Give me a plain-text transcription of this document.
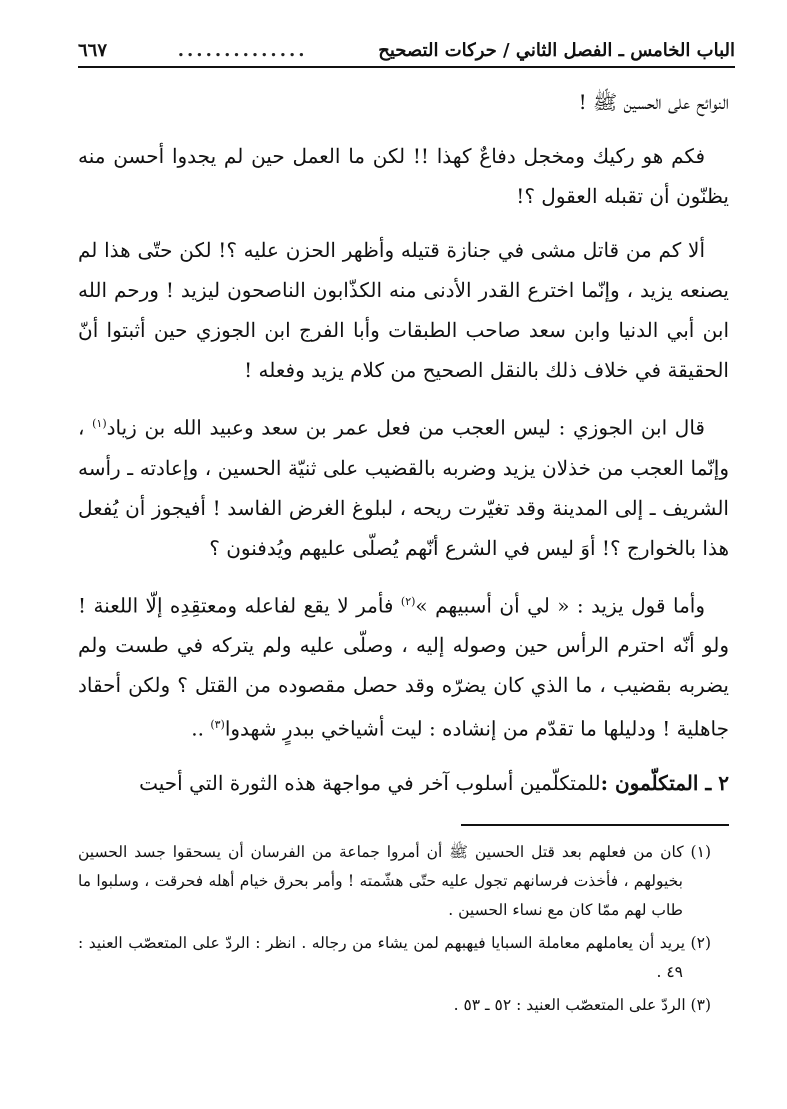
الباب الخامس ـ الفصل الثاني / حركات التصحيح
..............
٦٦٧

النوائح على الحسين ﷺ !

فكم هو ركيك ومخجل دفاعٌ كهذا !! لكن ما العمل حين لم يجدوا أحسن منه يظنّون أن تقبله العقول ؟!

ألا كم من قاتل مشى في جنازة قتيله وأظهر الحزن عليه ؟! لكن حتّى هذا لم يصنعه يزيد ، وإنّما اخترع القدر الأدنى منه الكذّابون الناصحون ليزيد ! ورحم الله ابن أبي الدنيا وابن سعد صاحب الطبقات وأبا الفرج ابن الجوزي حين أثبتوا أنّ الحقيقة في خلاف ذلك بالنقل الصحيح من كلام يزيد وفعله !

قال ابن الجوزي : ليس العجب من فعل عمر بن سعد وعبيد الله بن زياد$^{(١)}$ ، وإنّما العجب من خذلان يزيد وضربه بالقضيب على ثنيّة الحسين ، وإعادته ـ رأسه الشريف ـ إلى المدينة وقد تغيّرت ريحه ، لبلوغ الغرض الفاسد ! أفيجوز أن يُفعل هذا بالخوارج ؟! أوَ ليس في الشرع أنّهم يُصلّى عليهم ويُدفنون ؟

وأما قول يزيد : « لي أن أسبيهم »$^{(٢)}$ فأمر لا يقع لفاعله ومعتقِدِه إلّا اللعنة ! ولو أنّه احترم الرأس حين وصوله إليه ، وصلّى عليه ولم يتركه في طست ولم يضربه بقضيب ، ما الذي كان يضرّه وقد حصل مقصوده من القتل ؟ ولكن أحقاد جاهلية ! ودليلها ما تقدّم من إنشاده : ليت أشياخي ببدرٍ شهدوا$^{(٣)}$ ..

٢ ـ المتكلّمون :للمتكلّمين أسلوب آخر في مواجهة هذه الثورة التي أحيت

(١) كان من فعلهم بعد قتل الحسين ﷺ أن أمروا جماعة من الفرسان أن يسحقوا جسد الحسين بخيولهم ، فأخذت فرسانهم تجول عليه حتّى هشّمته ! وأمر بحرق خيام أهله فحرقت ، وسلبوا ما طاب لهم ممّا كان مع نساء الحسين .

(٢) يريد أن يعاملهم معاملة السبايا فيهبهم لمن يشاء من رجاله . انظر : الردّ على المتعصّب العنيد : ٤٩ .

(٣) الردّ على المتعصّب العنيد : ٥٢ ـ ٥٣ .
